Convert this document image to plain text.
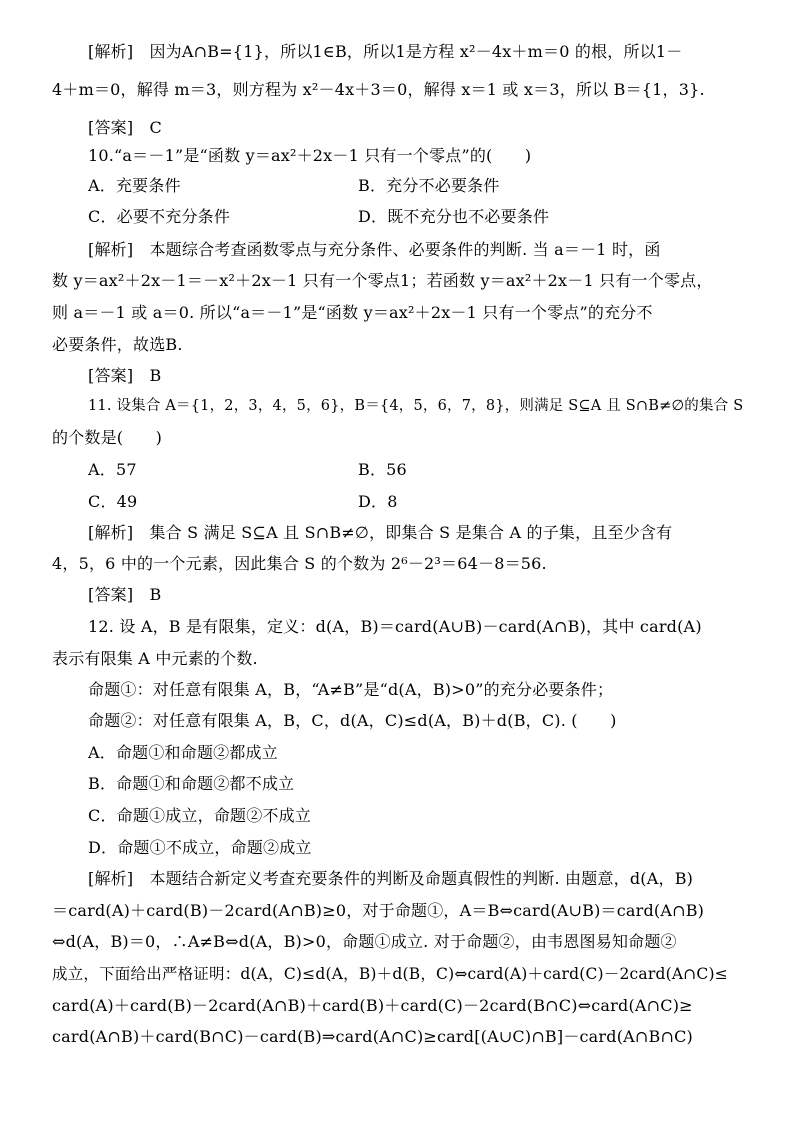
[解析]　因为A∩B={1}，所以1∈B，所以1是方程 x²－4x＋m＝0 的根，所以1－
4＋m＝0，解得 m＝3，则方程为 x²－4x＋3＝0，解得 x＝1 或 x＝3，所以 B＝{1，3}.
[答案]　C
10.“a＝－1”是“函数 y＝ax²＋2x－1 只有一个零点”的(　　)
A．充要条件	B．充分不必要条件
C．必要不充分条件	D．既不充分也不必要条件
[解析]　本题综合考查函数零点与充分条件、必要条件的判断. 当 a＝－1 时，函
数 y＝ax²＋2x－1＝－x²＋2x－1 只有一个零点1；若函数 y＝ax²＋2x－1 只有一个零点，
则 a＝－1 或 a＝0. 所以“a＝－1”是“函数 y＝ax²＋2x－1 只有一个零点”的充分不
必要条件，故选B.
[答案]　B
11. 设集合 A＝{1，2，3，4，5，6}，B＝{4，5，6，7，8}，则满足 S⊆A 且 S∩B≠∅的集合 S
的个数是(　　)
A．57	B．56
C．49	D．8
[解析]　集合 S 满足 S⊆A 且 S∩B≠∅，即集合 S 是集合 A 的子集，且至少含有
4，5，6 中的一个元素，因此集合 S 的个数为 2⁶－2³＝64－8＝56.
[答案]　B
12. 设 A，B 是有限集，定义：d(A，B)＝card(A∪B)－card(A∩B)，其中 card(A)
表示有限集 A 中元素的个数.
命题①：对任意有限集 A，B，“A≠B”是“d(A，B)>0”的充分必要条件；
命题②：对任意有限集 A，B，C，d(A，C)≤d(A，B)＋d(B，C). (　　)
A．命题①和命题②都成立
B．命题①和命题②都不成立
C．命题①成立，命题②不成立
D．命题①不成立，命题②成立
[解析]　本题结合新定义考查充要条件的判断及命题真假性的判断. 由题意，d(A，B)
＝card(A)＋card(B)－2card(A∩B)≥0，对于命题①，A＝B⇔card(A∪B)＝card(A∩B)
⇔d(A，B)＝0，∴A≠B⇔d(A，B)>0，命题①成立. 对于命题②，由韦恩图易知命题②
成立，下面给出严格证明：d(A，C)≤d(A，B)＋d(B，C)⇔card(A)＋card(C)－2card(A∩C)≤
card(A)＋card(B)－2card(A∩B)＋card(B)＋card(C)－2card(B∩C)⇔card(A∩C)≥
card(A∩B)＋card(B∩C)－card(B)⇒card(A∩C)≥card[(A∪C)∩B]－card(A∩B∩C)
